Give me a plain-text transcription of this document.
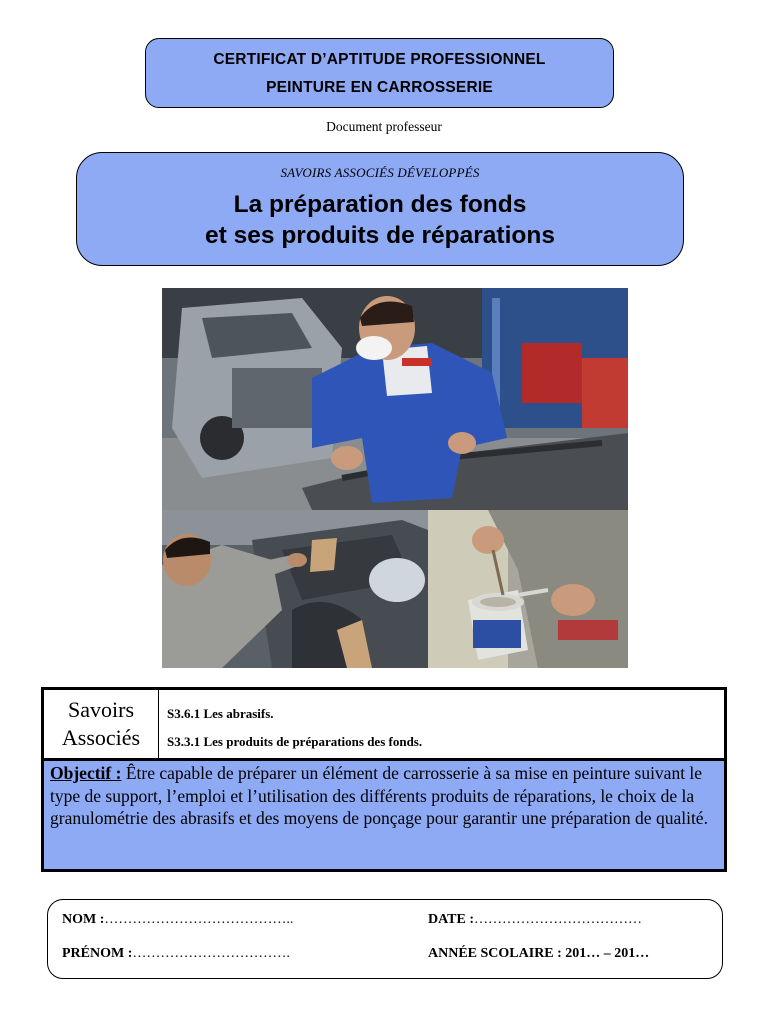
CERTIFICAT D’APTITUDE PROFESSIONNEL
PEINTURE EN CARROSSERIE
Document professeur
SAVOIRS ASSOCIÉS DÉVELOPPÉS
La préparation des fonds
et ses produits de réparations
Savoirs
Associés
S3.6.1 Les abrasifs.
S3.3.1 Les produits de préparations des fonds.
Objectif : Être capable de préparer un élément de carrosserie à sa mise en peinture suivant le type de support, l’emploi et l’utilisation des différents produits de réparations, le choix de la granulométrie des abrasifs et des moyens de ponçage pour garantir une préparation de qualité.
NOM :…………………………………..
PRÉNOM :…………………………….
DATE :………………………………
ANNÉE SCOLAIRE : 201… – 201…
